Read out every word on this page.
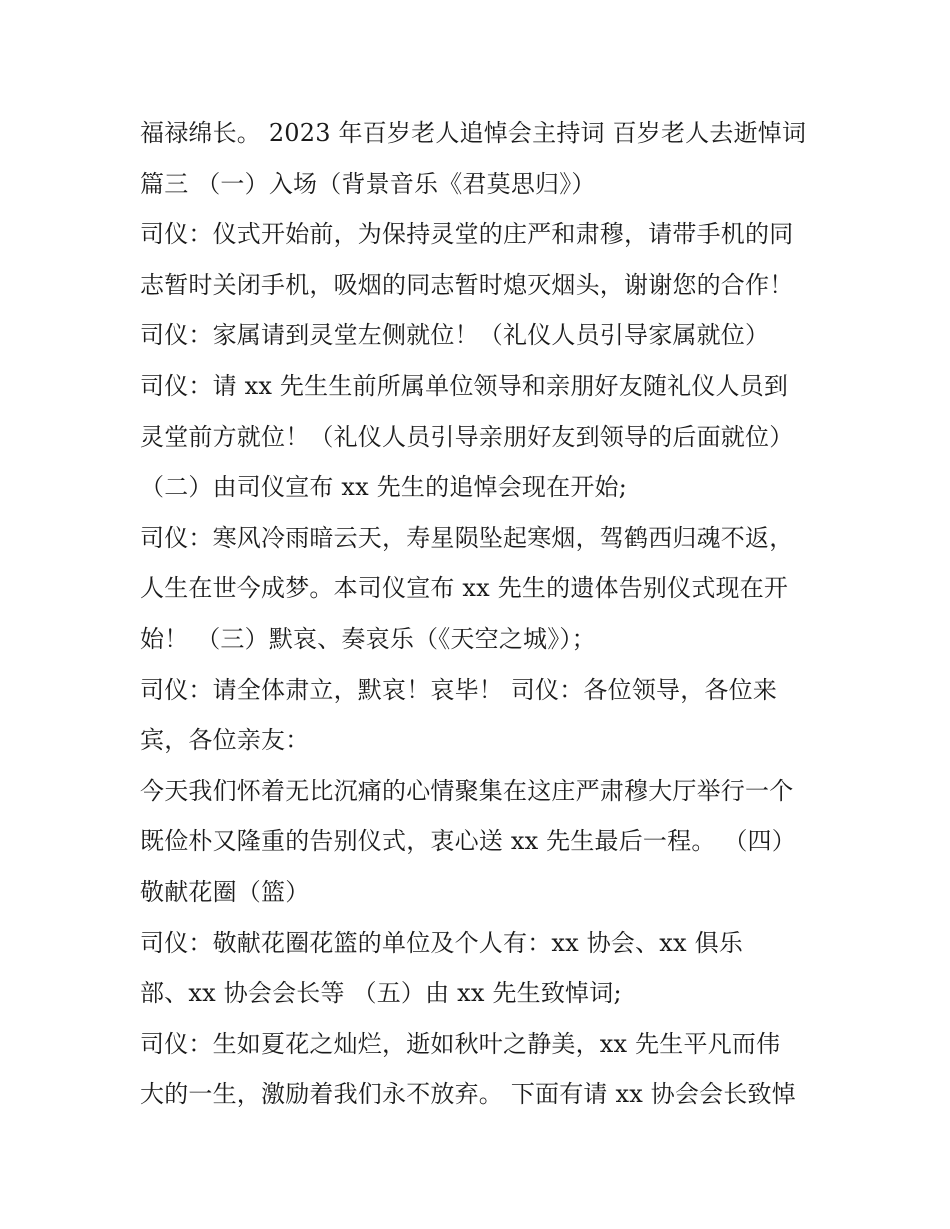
福禄绵长。 2023 年百岁老人追悼会主持词 百岁老人去逝悼词
篇三 （一）入场（背景音乐《君莫思归》）
司仪：仪式开始前，为保持灵堂的庄严和肃穆，请带手机的同
志暂时关闭手机，吸烟的同志暂时熄灭烟头，谢谢您的合作！
司仪：家属请到灵堂左侧就位！（礼仪人员引导家属就位）
司仪：请 xx 先生生前所属单位领导和亲朋好友随礼仪人员到
灵堂前方就位！（礼仪人员引导亲朋好友到领导的后面就位）
（二）由司仪宣布 xx 先生的追悼会现在开始;
司仪：寒风冷雨暗云天，寿星陨坠起寒烟，驾鹤西归魂不返，
人生在世今成梦。本司仪宣布 xx 先生的遗体告别仪式现在开
始！ （三）默哀、奏哀乐（《天空之城》）；
司仪：请全体肃立，默哀！哀毕！ 司仪：各位领导，各位来
宾，各位亲友：
今天我们怀着无比沉痛的心情聚集在这庄严肃穆大厅举行一个
既俭朴又隆重的告别仪式，衷心送 xx 先生最后一程。 （四）
敬献花圈（篮）
司仪：敬献花圈花篮的单位及个人有：xx 协会、xx 俱乐
部、xx 协会会长等 （五）由 xx 先生致悼词;
司仪：生如夏花之灿烂，逝如秋叶之静美，xx 先生平凡而伟
大的一生，激励着我们永不放弃。 下面有请 xx 协会会长致悼
